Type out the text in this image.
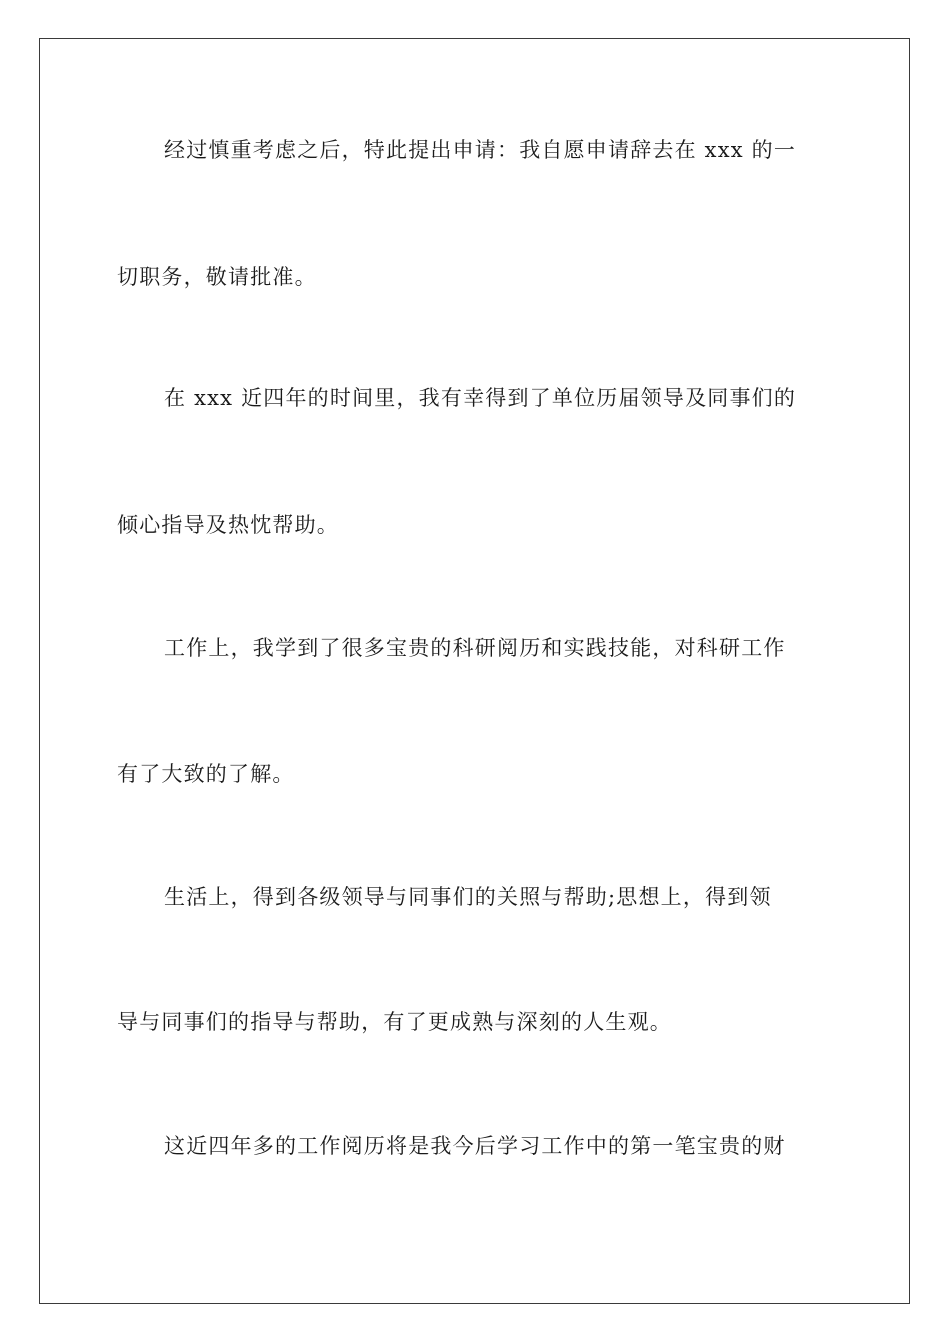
经过慎重考虑之后，特此提出申请：我自愿申请辞去在 xxx 的一
切职务，敬请批准。
在 xxx 近四年的时间里，我有幸得到了单位历届领导及同事们的
倾心指导及热忱帮助。
工作上，我学到了很多宝贵的科研阅历和实践技能，对科研工作
有了大致的了解。
生活上，得到各级领导与同事们的关照与帮助;思想上，得到领
导与同事们的指导与帮助，有了更成熟与深刻的人生观。
这近四年多的工作阅历将是我今后学习工作中的第一笔宝贵的财
